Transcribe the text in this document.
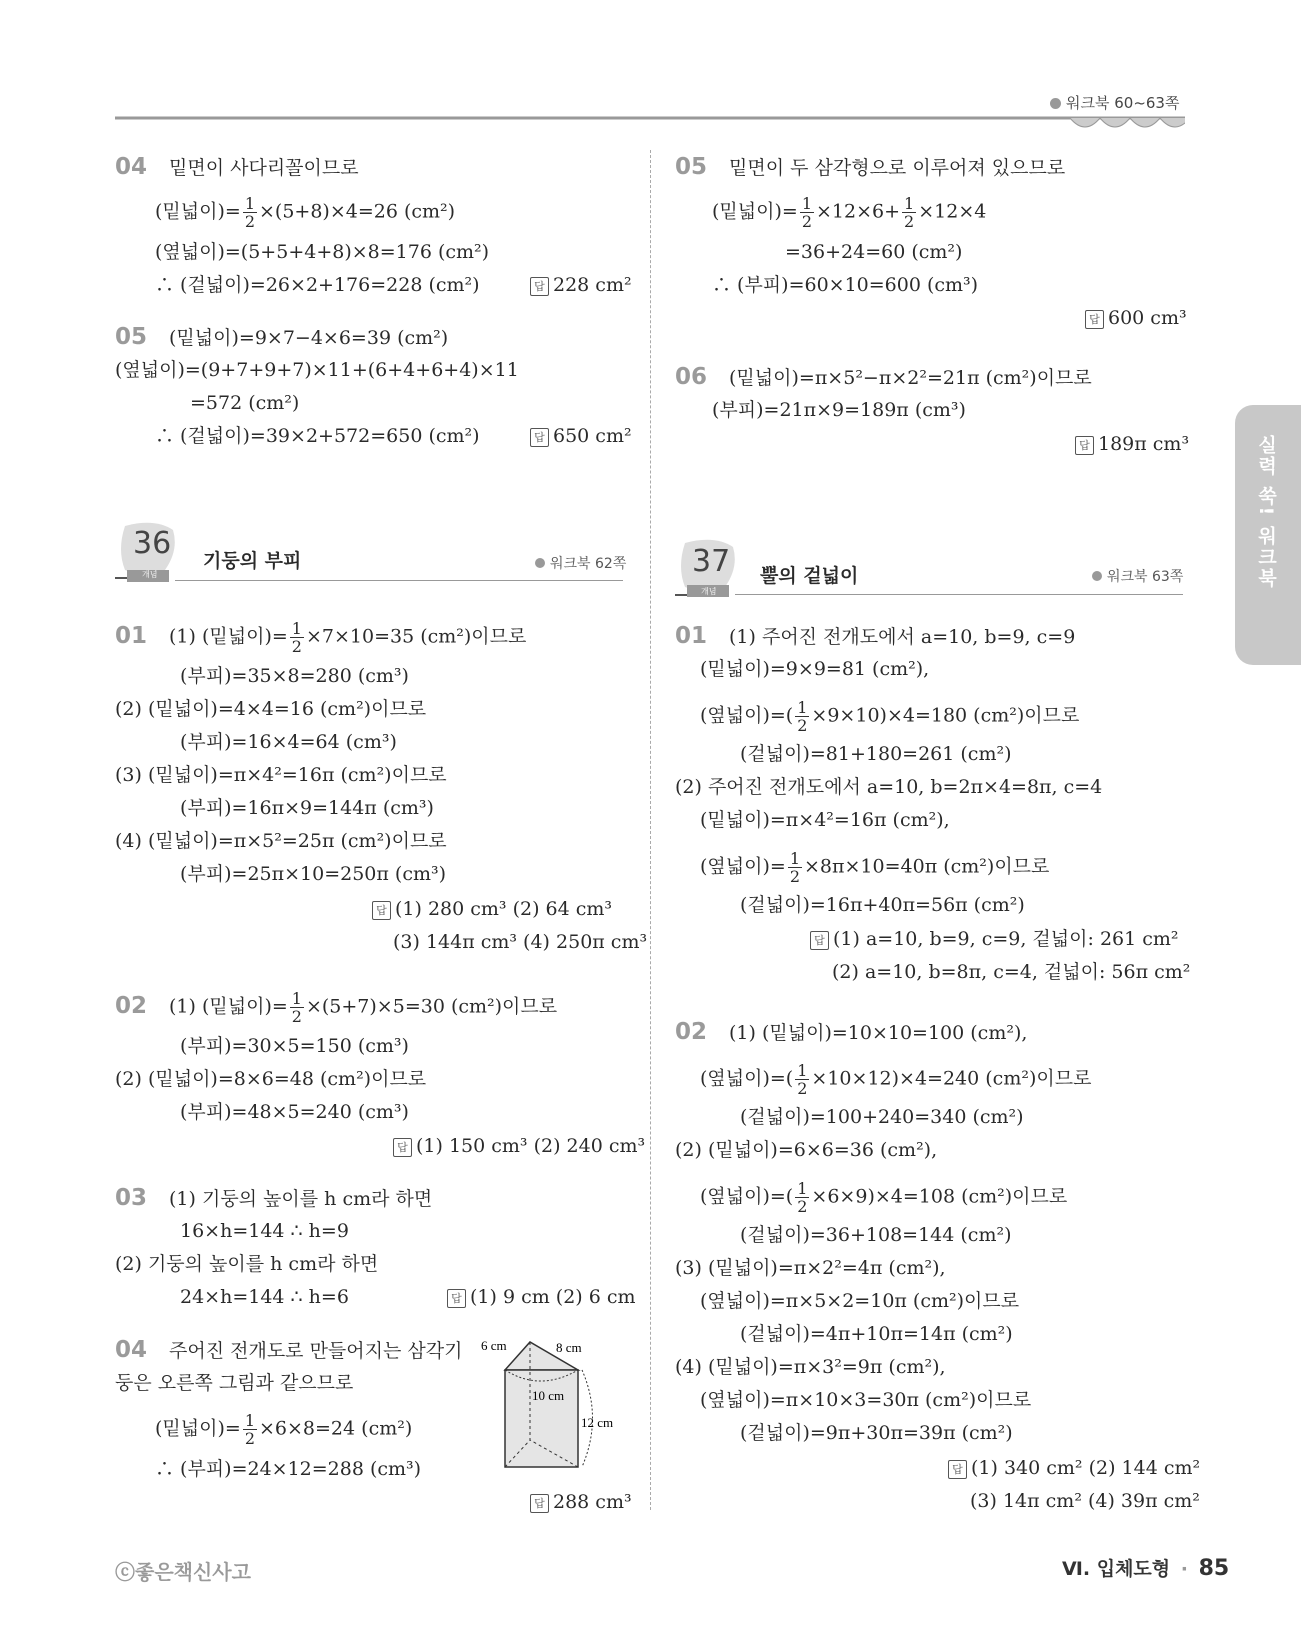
워크북 60~63쪽
실력 쑥! 워크북
04 밑면이 사다리꼴이므로
(밑넓이)= $\frac{1}{2} \times(5+8)\times 4=26$ (cm²)
(옆넓이)=(5+5+4+8)×8=176 (cm²)
∴ (겉넓이)=26×2+176=228 (cm²)	답 228 cm²
05 (밑넓이)=9×7−4×6=39 (cm²)
(옆넓이)=(9+7+9+7)×11+(6+4+6+4)×11
=572 (cm²)
∴ (겉넓이)=39×2+572=650 (cm²)	답 650 cm²
05 밑면이 두 삼각형으로 이루어져 있으므로
(밑넓이)= $\frac{1}{2} \times 12\times 6+ \frac{1}{2} \times 12\times 4$
=36+24=60 (cm²)
∴ (부피)=60×10=600 (cm³)
답 600 cm³
06 (밑넓이)=π×5²−π×2²=21π (cm²)이므로
(부피)=21π×9=189π (cm³)
답 189π cm³
36
개념
기둥의 부피	워크북 62쪽
01 (1) (밑넓이)= $\frac{1}{2} \times 7\times 10=35$ (cm²)이므로
(부피)=35×8=280 (cm³)
(2) (밑넓이)=4×4=16 (cm²)이므로
(부피)=16×4=64 (cm³)
(3) (밑넓이)=π×4²=16π (cm²)이므로
(부피)=16π×9=144π (cm³)
(4) (밑넓이)=π×5²=25π (cm²)이므로
(부피)=25π×10=250π (cm³)
답 (1) 280 cm³ (2) 64 cm³
(3) 144π cm³ (4) 250π cm³
02 (1) (밑넓이)= $\frac{1}{2} \times(5+7)\times 5=30$ (cm²)이므로
(부피)=30×5=150 (cm³)
(2) (밑넓이)=8×6=48 (cm²)이므로
(부피)=48×5=240 (cm³)
답 (1) 150 cm³ (2) 240 cm³
03 (1) 기둥의 높이를 h cm라 하면
16×h=144 ∴ h=9
(2) 기둥의 높이를 h cm라 하면
24×h=144 ∴ h=6	답 (1) 9 cm (2) 6 cm
04 주어진 전개도로 만들어지는 삼각기
둥은 오른쪽 그림과 같으므로
(밑넓이)= $\frac{1}{2} \times 6\times 8=24$ (cm²)
∴ (부피)=24×12=288 (cm³)
답 288 cm³
6 cm	8 cm
10 cm
12 cm
37
개념
뿔의 겉넓이	워크북 63쪽
01 (1) 주어진 전개도에서 a=10, b=9, c=9
(밑넓이)=9×9=81 (cm²),
(옆넓이)=( $\frac{1}{2} \times 9\times 10)\times 4=180$ (cm²)이므로
(겉넓이)=81+180=261 (cm²)
(2) 주어진 전개도에서 a=10, b=2π×4=8π, c=4
(밑넓이)=π×4²=16π (cm²),
(옆넓이)= $\frac{1}{2} \times 8\pi\times 10=40\pi$ (cm²)이므로
(겉넓이)=16π+40π=56π (cm²)
답 (1) a=10, b=9, c=9, 겉넓이: 261 cm²
(2) a=10, b=8π, c=4, 겉넓이: 56π cm²
02 (1) (밑넓이)=10×10=100 (cm²),
(옆넓이)=( $\frac{1}{2} \times 10\times 12)\times 4=240$ (cm²)이므로
(겉넓이)=100+240=340 (cm²)
(2) (밑넓이)=6×6=36 (cm²),
(옆넓이)=( $\frac{1}{2} \times 6\times 9)\times 4=108$ (cm²)이므로
(겉넓이)=36+108=144 (cm²)
(3) (밑넓이)=π×2²=4π (cm²),
(옆넓이)=π×5×2=10π (cm²)이므로
(겉넓이)=4π+10π=14π (cm²)
(4) (밑넓이)=π×3²=9π (cm²),
(옆넓이)=π×10×3=30π (cm²)이므로
(겉넓이)=9π+30π=39π (cm²)
답 (1) 340 cm² (2) 144 cm²
(3) 14π cm² (4) 39π cm²
ⓒ좋은책신사고	Ⅵ. 입체도형 · 85
